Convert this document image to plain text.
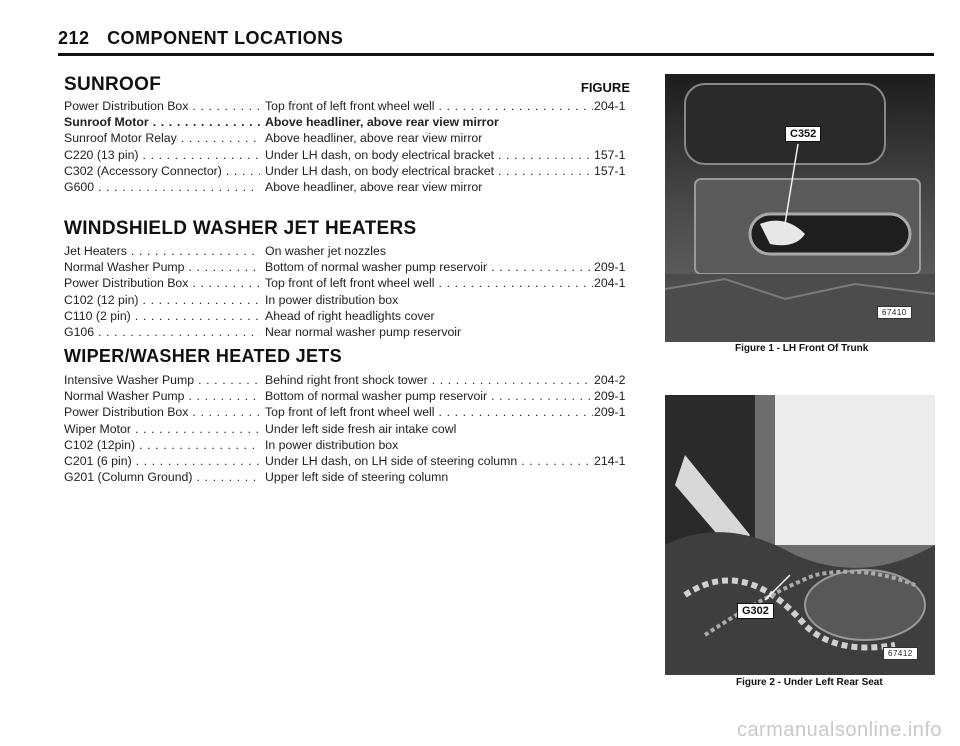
212 COMPONENT LOCATIONS
SUNROOF	FIGURE
Power Distribution Box . . .	Top front of left front wheel well . . .	204-1
Sunroof Motor . . .	Above headliner, above rear view mirror
Sunroof Motor Relay . . .	Above headliner, above rear view mirror
C220 (13 pin) . . .	Under LH dash, on body electrical bracket . . .	157-1
C302 (Accessory Connector) . . .	Under LH dash, on body electrical bracket . . .	157-1
G600 . . .	Above headliner, above rear view mirror
WINDSHIELD WASHER JET HEATERS
Jet Heaters . . .	On washer jet nozzles
Normal Washer Pump . . .	Bottom of normal washer pump reservoir . . .	209-1
Power Distribution Box . . .	Top front of left front wheel well . . .	204-1
C102 (12 pin) . . .	In power distribution box
C110 (2 pin) . . .	Ahead of right headlights cover
G106 . . .	Near normal washer pump reservoir
WIPER/WASHER HEATED JETS
Intensive Washer Pump . . .	Behind right front shock tower . . .	204-2
Normal Washer Pump . . .	Bottom of normal washer pump reservoir . . .	209-1
Power Distribution Box . . .	Top front of left front wheel well . . .	209-1
Wiper Motor . . .	Under left side fresh air intake cowl
C102 (12pin) . . .	In power distribution box
C201 (6 pin) . . .	Under LH dash, on LH side of steering column . . .	214-1
G201 (Column Ground) . . .	Upper left side of steering column
C352
67410
Figure 1 - LH Front Of Trunk
G302
67412
Figure 2 - Under Left Rear Seat
carmanualsonline.info
